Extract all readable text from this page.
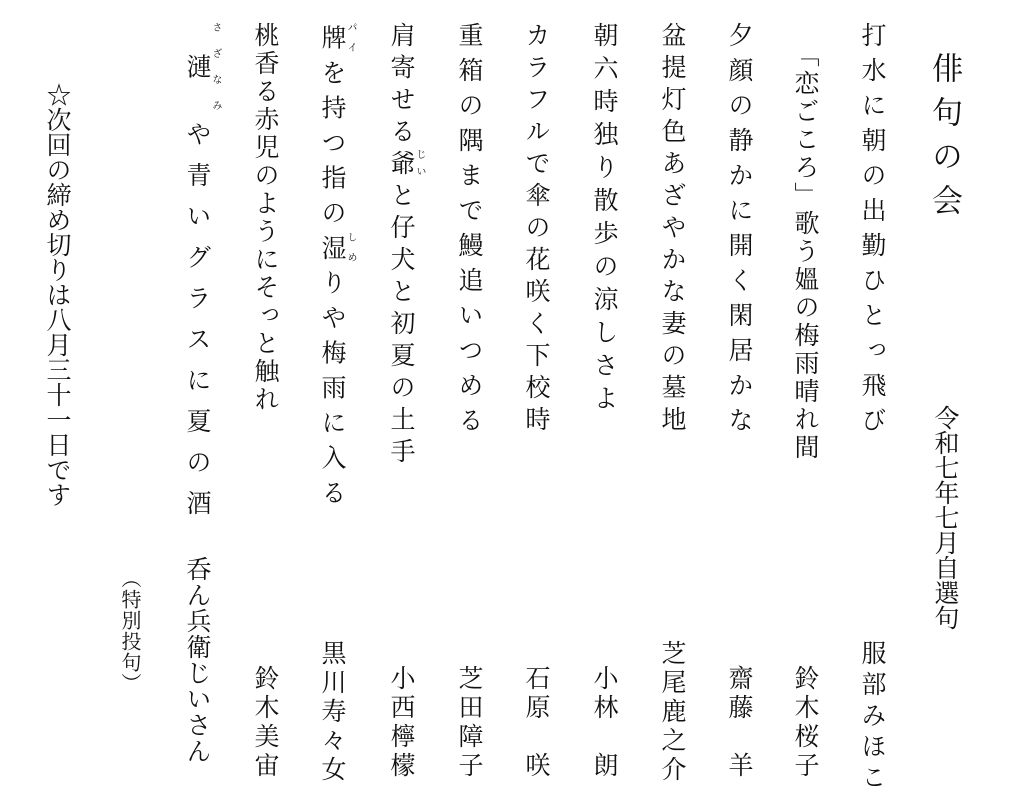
俳句の会
令和七年七月自選句
打水に朝の出勤ひとっ飛び
服部みほこ
「恋ごころ」歌う媼の梅雨晴れ間
鈴木桜子
夕顔の静かに開く閑居かな
齋藤　羊
盆提灯色あざやかな妻の墓地
芝尾鹿之介
朝六時独り散歩の涼しさよ
小林　朗
カラフルで傘の花咲く下校時
石原　咲
重箱の隅まで鰻追いつめる
芝田障子
肩寄せる爺じいと仔犬と初夏の土手
小西檸檬
牌パイを持つ指の湿しめりや梅雨に入る
黒川寿々女
桃香る赤児のようにそっと触れ
鈴木美宙
漣さざなみや青いグラスに夏の酒
呑ん兵衛じいさん
（特別投句）
☆次回の締め切りは八月三十一日です
